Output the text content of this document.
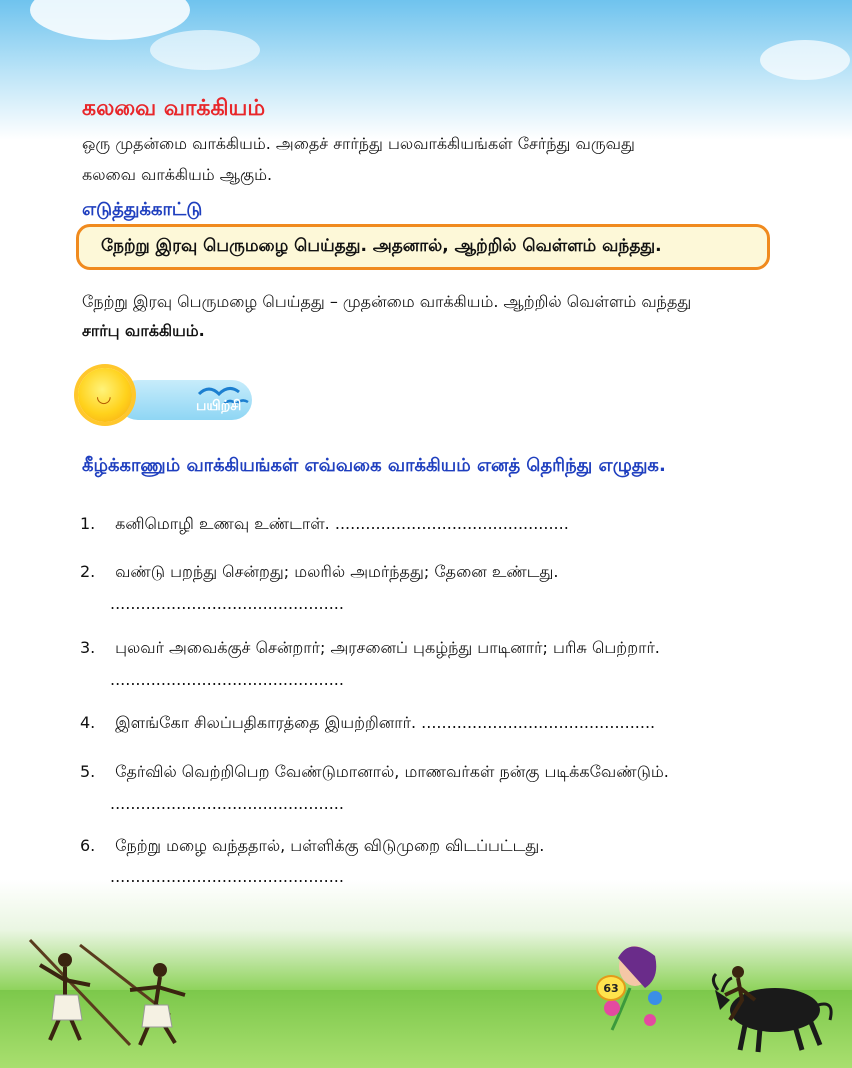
கலவை வாக்கியம்
ஒரு முதன்மை வாக்கியம். அதைச் சார்ந்து பலவாக்கியங்கள் சேர்ந்து வருவது
கலவை வாக்கியம் ஆகும்.
எடுத்துக்காட்டு
நேற்று இரவு பெருமழை பெய்தது. அதனால், ஆற்றில் வெள்ளம் வந்தது.
நேற்று இரவு பெருமழை பெய்தது – முதன்மை வாக்கியம். ஆற்றில் வெள்ளம் வந்தது
சார்பு வாக்கியம்.
◡	பயிற்சி
கீழ்க்காணும் வாக்கியங்கள் எவ்வகை வாக்கியம் எனத் தெரிந்து எழுதுக.
1. கனிமொழி உணவு உண்டாள். ..............................................
2. வண்டு பறந்து சென்றது; மலரில் அமர்ந்தது; தேனை உண்டது.
..............................................
3. புலவர் அவைக்குச் சென்றார்; அரசனைப் புகழ்ந்து பாடினார்; பரிசு பெற்றார்.
..............................................
4. இளங்கோ சிலப்பதிகாரத்தை இயற்றினார். ..............................................
5. தேர்வில் வெற்றிபெற வேண்டுமானால், மாணவர்கள் நன்கு படிக்கவேண்டும்.
..............................................
6. நேற்று மழை வந்ததால், பள்ளிக்கு விடுமுறை விடப்பட்டது.
..............................................
63
